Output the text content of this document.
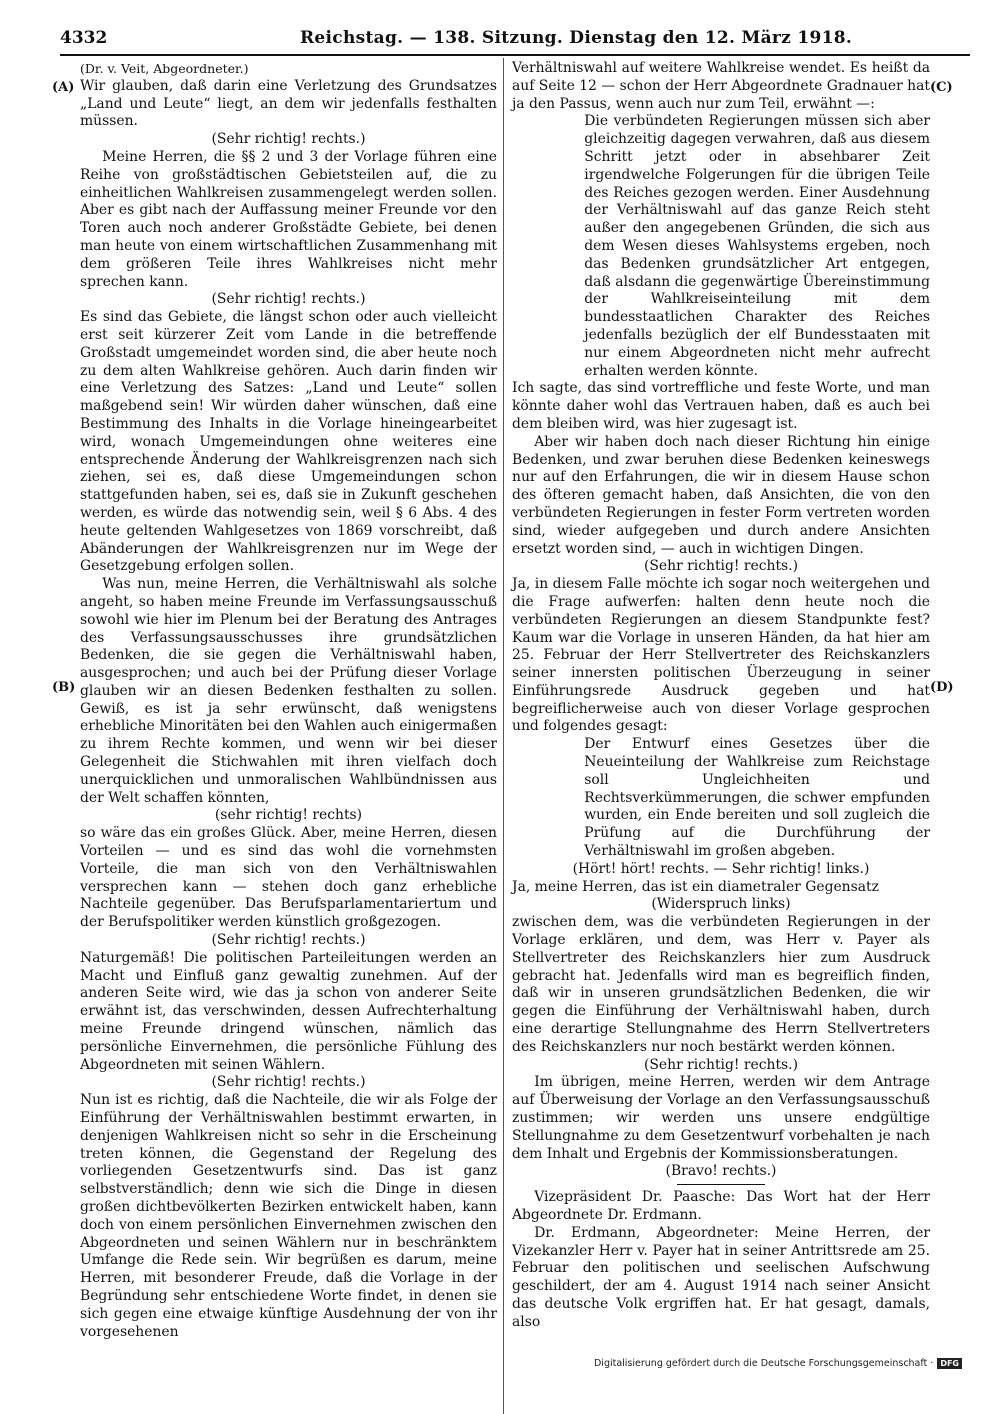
4332	Reichstag. — 138. Sitzung. Dienstag den 12. März 1918.
(A)
(B)
(C)
(D)
(Dr. v. Veit, Abgeordneter.)

Wir glauben, daß darin eine Verletzung des Grundsatzes „Land und Leute“ liegt, an dem wir jedenfalls festhalten müssen.

(Sehr richtig! rechts.)

Meine Herren, die §§ 2 und 3 der Vorlage führen eine Reihe von großstädtischen Gebietsteilen auf, die zu einheitlichen Wahlkreisen zusammengelegt werden sollen. Aber es gibt nach der Auffassung meiner Freunde vor den Toren auch noch anderer Großstädte Gebiete, bei denen man heute von einem wirtschaftlichen Zusammenhang mit dem größeren Teile ihres Wahlkreises nicht mehr sprechen kann.

(Sehr richtig! rechts.)

Es sind das Gebiete, die längst schon oder auch vielleicht erst seit kürzerer Zeit vom Lande in die betreffende Großstadt umgemeindet worden sind, die aber heute noch zu dem alten Wahlkreise gehören. Auch darin finden wir eine Verletzung des Satzes: „Land und Leute“ sollen maßgebend sein! Wir würden daher wünschen, daß eine Bestimmung des Inhalts in die Vorlage hineingearbeitet wird, wonach Umgemeindungen ohne weiteres eine entsprechende Änderung der Wahlkreisgrenzen nach sich ziehen, sei es, daß diese Umgemeindungen schon stattgefunden haben, sei es, daß sie in Zukunft geschehen werden, es würde das notwendig sein, weil § 6 Abs. 4 des heute geltenden Wahlgesetzes von 1869 vorschreibt, daß Abänderungen der Wahlkreisgrenzen nur im Wege der Gesetzgebung erfolgen sollen.

Was nun, meine Herren, die Verhältniswahl als solche angeht, so haben meine Freunde im Verfassungsausschuß sowohl wie hier im Plenum bei der Beratung des Antrages des Verfassungsausschusses ihre grundsätzlichen Bedenken, die sie gegen die Verhältniswahl haben, ausgesprochen; und auch bei der Prüfung dieser Vorlage glauben wir an diesen Bedenken festhalten zu sollen. Gewiß, es ist ja sehr erwünscht, daß wenigstens erhebliche Minoritäten bei den Wahlen auch einigermaßen zu ihrem Rechte kommen, und wenn wir bei dieser Gelegenheit die Stichwahlen mit ihren vielfach doch unerquicklichen und unmoralischen Wahlbündnissen aus der Welt schaffen könnten,

(sehr richtig! rechts)

so wäre das ein großes Glück. Aber, meine Herren, diesen Vorteilen — und es sind das wohl die vornehmsten Vorteile, die man sich von den Verhältniswahlen versprechen kann — stehen doch ganz erhebliche Nachteile gegenüber. Das Berufsparlamentariertum und der Berufspolitiker werden künstlich großgezogen.

(Sehr richtig! rechts.)

Naturgemäß! Die politischen Parteileitungen werden an Macht und Einfluß ganz gewaltig zunehmen. Auf der anderen Seite wird, wie das ja schon von anderer Seite erwähnt ist, das verschwinden, dessen Aufrechterhaltung meine Freunde dringend wünschen, nämlich das persönliche Einvernehmen, die persönliche Fühlung des Abgeordneten mit seinen Wählern.

(Sehr richtig! rechts.)

Nun ist es richtig, daß die Nachteile, die wir als Folge der Einführung der Verhältniswahlen bestimmt erwarten, in denjenigen Wahlkreisen nicht so sehr in die Erscheinung treten können, die Gegenstand der Regelung des vorliegenden Gesetzentwurfs sind. Das ist ganz selbstverständlich; denn wie sich die Dinge in diesen großen dichtbevölkerten Bezirken entwickelt haben, kann doch von einem persönlichen Einvernehmen zwischen den Abgeordneten und seinen Wählern nur in beschränktem Umfange die Rede sein. Wir begrüßen es darum, meine Herren, mit besonderer Freude, daß die Vorlage in der Begründung sehr entschiedene Worte findet, in denen sie sich gegen eine etwaige künftige Ausdehnung der von ihr vorgesehenen

Verhältniswahl auf weitere Wahlkreise wendet. Es heißt da auf Seite 12 — schon der Herr Abgeordnete Gradnauer hat ja den Passus, wenn auch nur zum Teil, erwähnt —:

Die verbündeten Regierungen müssen sich aber gleichzeitig dagegen verwahren, daß aus diesem Schritt jetzt oder in absehbarer Zeit irgendwelche Folgerungen für die übrigen Teile des Reiches gezogen werden. Einer Ausdehnung der Verhältniswahl auf das ganze Reich steht außer den angegebenen Gründen, die sich aus dem Wesen dieses Wahlsystems ergeben, noch das Bedenken grundsätzlicher Art entgegen, daß alsdann die gegenwärtige Übereinstimmung der Wahlkreiseinteilung mit dem bundesstaatlichen Charakter des Reiches jedenfalls bezüglich der elf Bundesstaaten mit nur einem Abgeordneten nicht mehr aufrecht erhalten werden könnte.

Ich sagte, das sind vortreffliche und feste Worte, und man könnte daher wohl das Vertrauen haben, daß es auch bei dem bleiben wird, was hier zugesagt ist.

Aber wir haben doch nach dieser Richtung hin einige Bedenken, und zwar beruhen diese Bedenken keineswegs nur auf den Erfahrungen, die wir in diesem Hause schon des öfteren gemacht haben, daß Ansichten, die von den verbündeten Regierungen in fester Form vertreten worden sind, wieder aufgegeben und durch andere Ansichten ersetzt worden sind, — auch in wichtigen Dingen.

(Sehr richtig! rechts.)

Ja, in diesem Falle möchte ich sogar noch weitergehen und die Frage aufwerfen: halten denn heute noch die verbündeten Regierungen an diesem Standpunkte fest? Kaum war die Vorlage in unseren Händen, da hat hier am 25. Februar der Herr Stellvertreter des Reichskanzlers seiner innersten politischen Überzeugung in seiner Einführungsrede Ausdruck gegeben und hat begreiflicherweise auch von dieser Vorlage gesprochen und folgendes gesagt:

Der Entwurf eines Gesetzes über die Neueinteilung der Wahlkreise zum Reichstage soll Ungleichheiten und Rechtsverkümmerungen, die schwer empfunden wurden, ein Ende bereiten und soll zugleich die Prüfung auf die Durchführung der Verhältniswahl im großen abgeben.

(Hört! hört! rechts. — Sehr richtig! links.)

Ja, meine Herren, das ist ein diametraler Gegensatz

(Widerspruch links)

zwischen dem, was die verbündeten Regierungen in der Vorlage erklären, und dem, was Herr v. Payer als Stellvertreter des Reichskanzlers hier zum Ausdruck gebracht hat. Jedenfalls wird man es begreiflich finden, daß wir in unseren grundsätzlichen Bedenken, die wir gegen die Einführung der Verhältniswahl haben, durch eine derartige Stellungnahme des Herrn Stellvertreters des Reichskanzlers nur noch bestärkt werden können.

(Sehr richtig! rechts.)

Im übrigen, meine Herren, werden wir dem Antrage auf Überweisung der Vorlage an den Verfassungsausschuß zustimmen; wir werden uns unsere endgültige Stellungnahme zu dem Gesetzentwurf vorbehalten je nach dem Inhalt und Ergebnis der Kommissionsberatungen.

(Bravo! rechts.)

Vizepräsident Dr. Paasche: Das Wort hat der Herr Abgeordnete Dr. Erdmann.

Dr. Erdmann, Abgeordneter: Meine Herren, der Vizekanzler Herr v. Payer hat in seiner Antrittsrede am 25. Februar den politischen und seelischen Aufschwung geschildert, der am 4. August 1914 nach seiner Ansicht das deutsche Volk ergriffen hat. Er hat gesagt, damals, also

Digitalisierung gefördert durch die Deutsche Forschungsgemeinschaft · DFG
